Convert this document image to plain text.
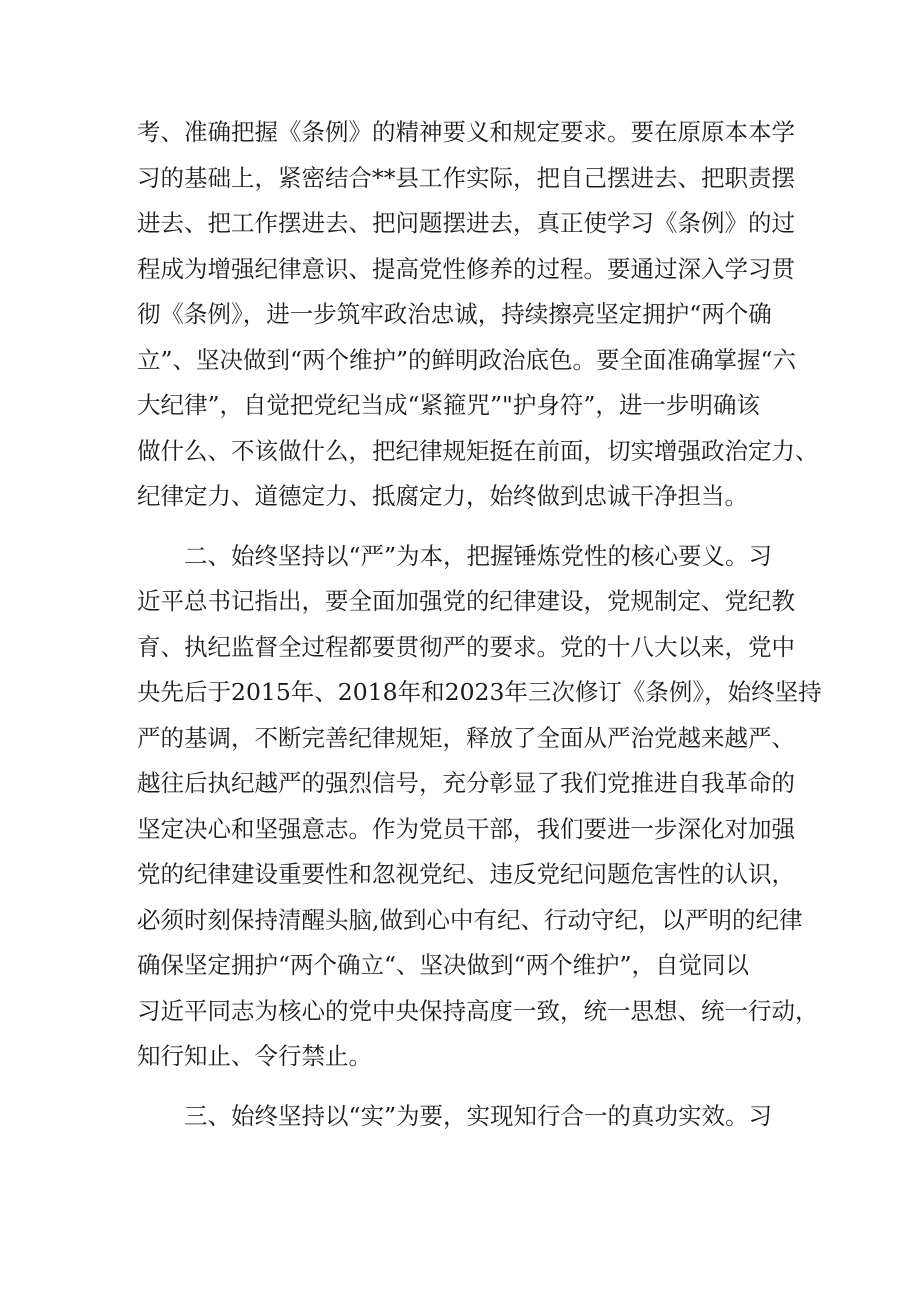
考、准确把握《条例》的精神要义和规定要求。要在原原本本学
习的基础上，紧密结合**县工作实际，把自己摆进去、把职责摆
进去、把工作摆进去、把问题摆进去，真正使学习《条例》的过
程成为增强纪律意识、提高党性修养的过程。要通过深入学习贯
彻《条例》，进一步筑牢政治忠诚，持续擦亮坚定拥护“两个确
立”、坚决做到“两个维护”的鲜明政治底色。要全面准确掌握“六
大纪律”，自觉把党纪当成“紧箍咒”"护身符”，进一步明确该
做什么、不该做什么，把纪律规矩挺在前面，切实增强政治定力、
纪律定力、道德定力、抵腐定力，始终做到忠诚干净担当。
　　二、始终坚持以“严”为本，把握锤炼党性的核心要义。习
近平总书记指出，要全面加强党的纪律建设，党规制定、党纪教
育、执纪监督全过程都要贯彻严的要求。党的十八大以来，党中
央先后于2015年、2018年和2023年三次修订《条例》，始终坚持
严的基调，不断完善纪律规矩，释放了全面从严治党越来越严、
越往后执纪越严的强烈信号，充分彰显了我们党推进自我革命的
坚定决心和坚强意志。作为党员干部，我们要进一步深化对加强
党的纪律建设重要性和忽视党纪、违反党纪问题危害性的认识，
必须时刻保持清醒头脑,做到心中有纪、行动守纪，以严明的纪律
确保坚定拥护“两个确立“、坚决做到“两个维护”，自觉同以
习近平同志为核心的党中央保持高度一致，统一思想、统一行动，
知行知止、令行禁止。
　　三、始终坚持以“实”为要，实现知行合一的真功实效。习
